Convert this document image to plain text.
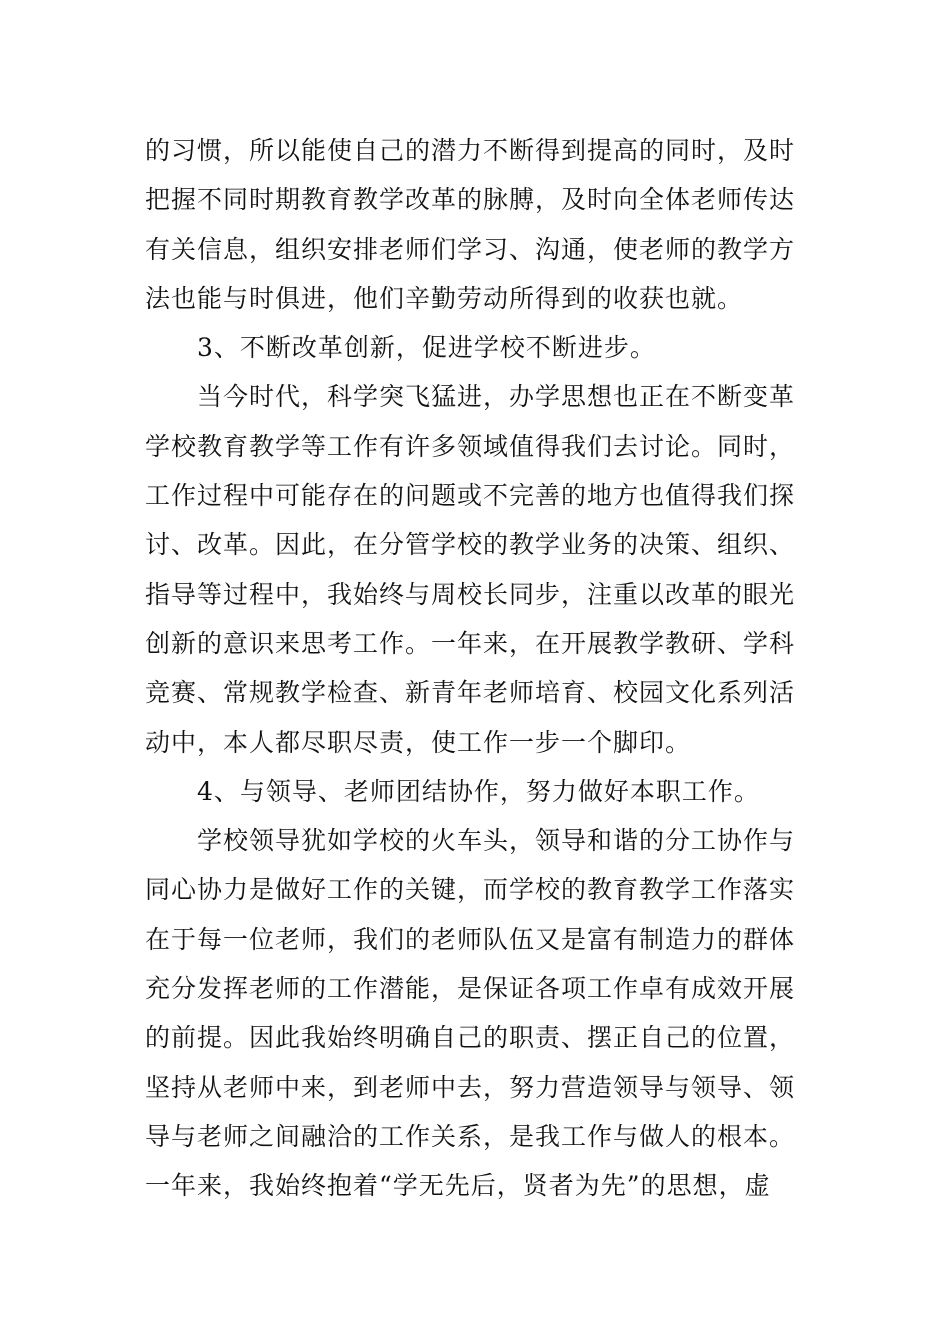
的习惯，所以能使自己的潜力不断得到提高的同时，及时
把握不同时期教育教学改革的脉膊，及时向全体老师传达
有关信息，组织安排老师们学习、沟通，使老师的教学方
法也能与时俱进，他们辛勤劳动所得到的收获也就。
3、不断改革创新，促进学校不断进步。
当今时代，科学突飞猛进，办学思想也正在不断变革
学校教育教学等工作有许多领域值得我们去讨论。同时，
工作过程中可能存在的问题或不完善的地方也值得我们探
讨、改革。因此，在分管学校的教学业务的决策、组织、
指导等过程中，我始终与周校长同步，注重以改革的眼光
创新的意识来思考工作。一年来，在开展教学教研、学科
竞赛、常规教学检查、新青年老师培育、校园文化系列活
动中，本人都尽职尽责，使工作一步一个脚印。
4、与领导、老师团结协作，努力做好本职工作。
学校领导犹如学校的火车头，领导和谐的分工协作与
同心协力是做好工作的关键，而学校的教育教学工作落实
在于每一位老师，我们的老师队伍又是富有制造力的群体
充分发挥老师的工作潜能，是保证各项工作卓有成效开展
的前提。因此我始终明确自己的职责、摆正自己的位置，
坚持从老师中来，到老师中去，努力营造领导与领导、领
导与老师之间融洽的工作关系，是我工作与做人的根本。
一年来，我始终抱着“学无先后，贤者为先”的思想，虚
